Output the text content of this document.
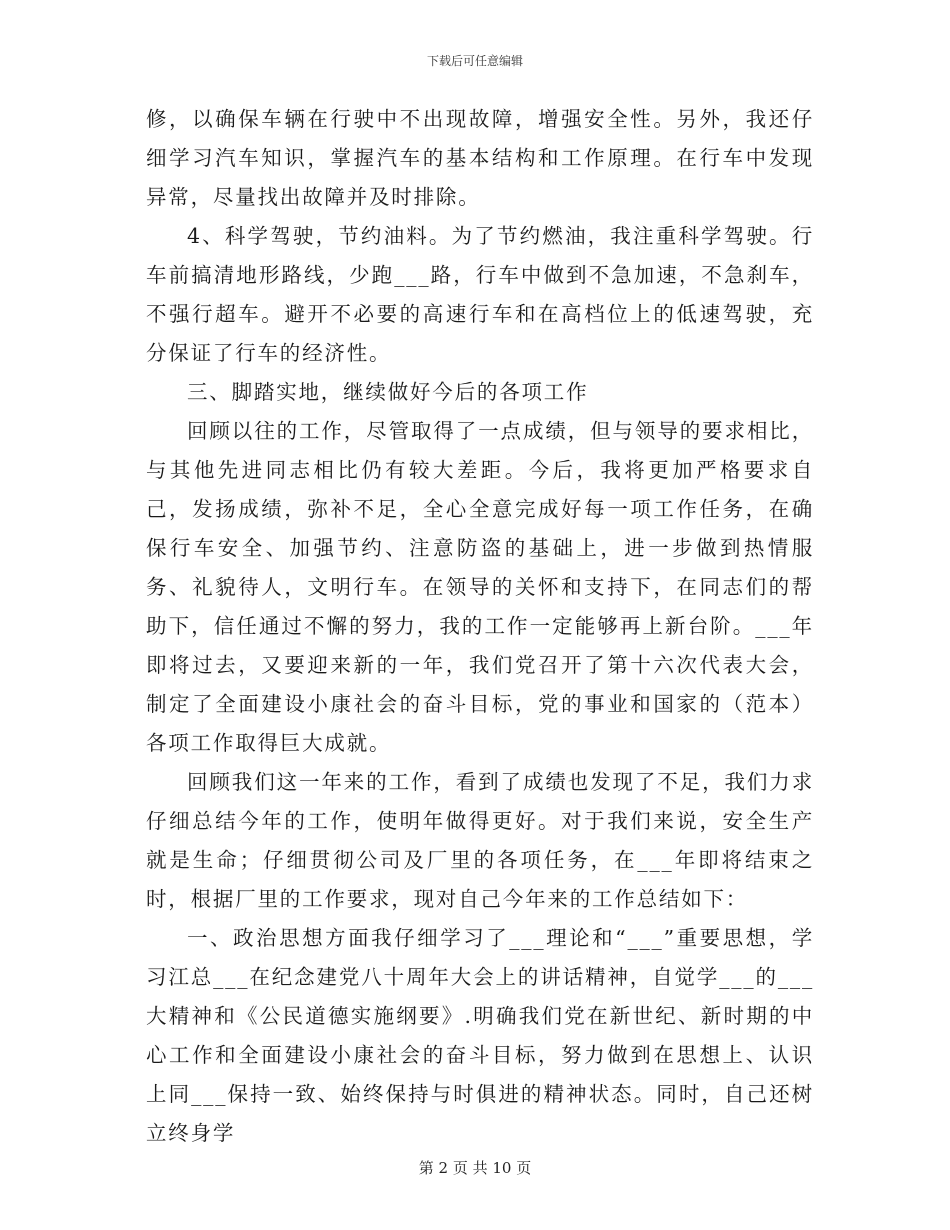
下载后可任意编辑

修，以确保车辆在行驶中不出现故障，增强安全性。另外，我还仔细学习汽车知识，掌握汽车的基本结构和工作原理。在行车中发现异常，尽量找出故障并及时排除。

4、科学驾驶，节约油料。为了节约燃油，我注重科学驾驶。行车前搞清地形路线，少跑___路，行车中做到不急加速，不急刹车，不强行超车。避开不必要的高速行车和在高档位上的低速驾驶，充分保证了行车的经济性。

三、脚踏实地，继续做好今后的各项工作

回顾以往的工作，尽管取得了一点成绩，但与领导的要求相比，与其他先进同志相比仍有较大差距。今后，我将更加严格要求自己，发扬成绩，弥补不足，全心全意完成好每一项工作任务，在确保行车安全、加强节约、注意防盗的基础上，进一步做到热情服务、礼貌待人，文明行车。在领导的关怀和支持下，在同志们的帮助下，信任通过不懈的努力，我的工作一定能够再上新台阶。___年即将过去，又要迎来新的一年，我们党召开了第十六次代表大会，制定了全面建设小康社会的奋斗目标，党的事业和国家的（范本）各项工作取得巨大成就。

回顾我们这一年来的工作，看到了成绩也发现了不足，我们力求仔细总结今年的工作，使明年做得更好。对于我们来说，安全生产就是生命；仔细贯彻公司及厂里的各项任务，在___年即将结束之时，根据厂里的工作要求，现对自己今年来的工作总结如下：

一、政治思想方面我仔细学习了___理论和“___”重要思想，学习江总___在纪念建党八十周年大会上的讲话精神，自觉学___的___大精神和《公民道德实施纲要》.明确我们党在新世纪、新时期的中心工作和全面建设小康社会的奋斗目标，努力做到在思想上、认识上同___保持一致、始终保持与时俱进的精神状态。同时，自己还树立终身学

第 2 页 共 10 页
